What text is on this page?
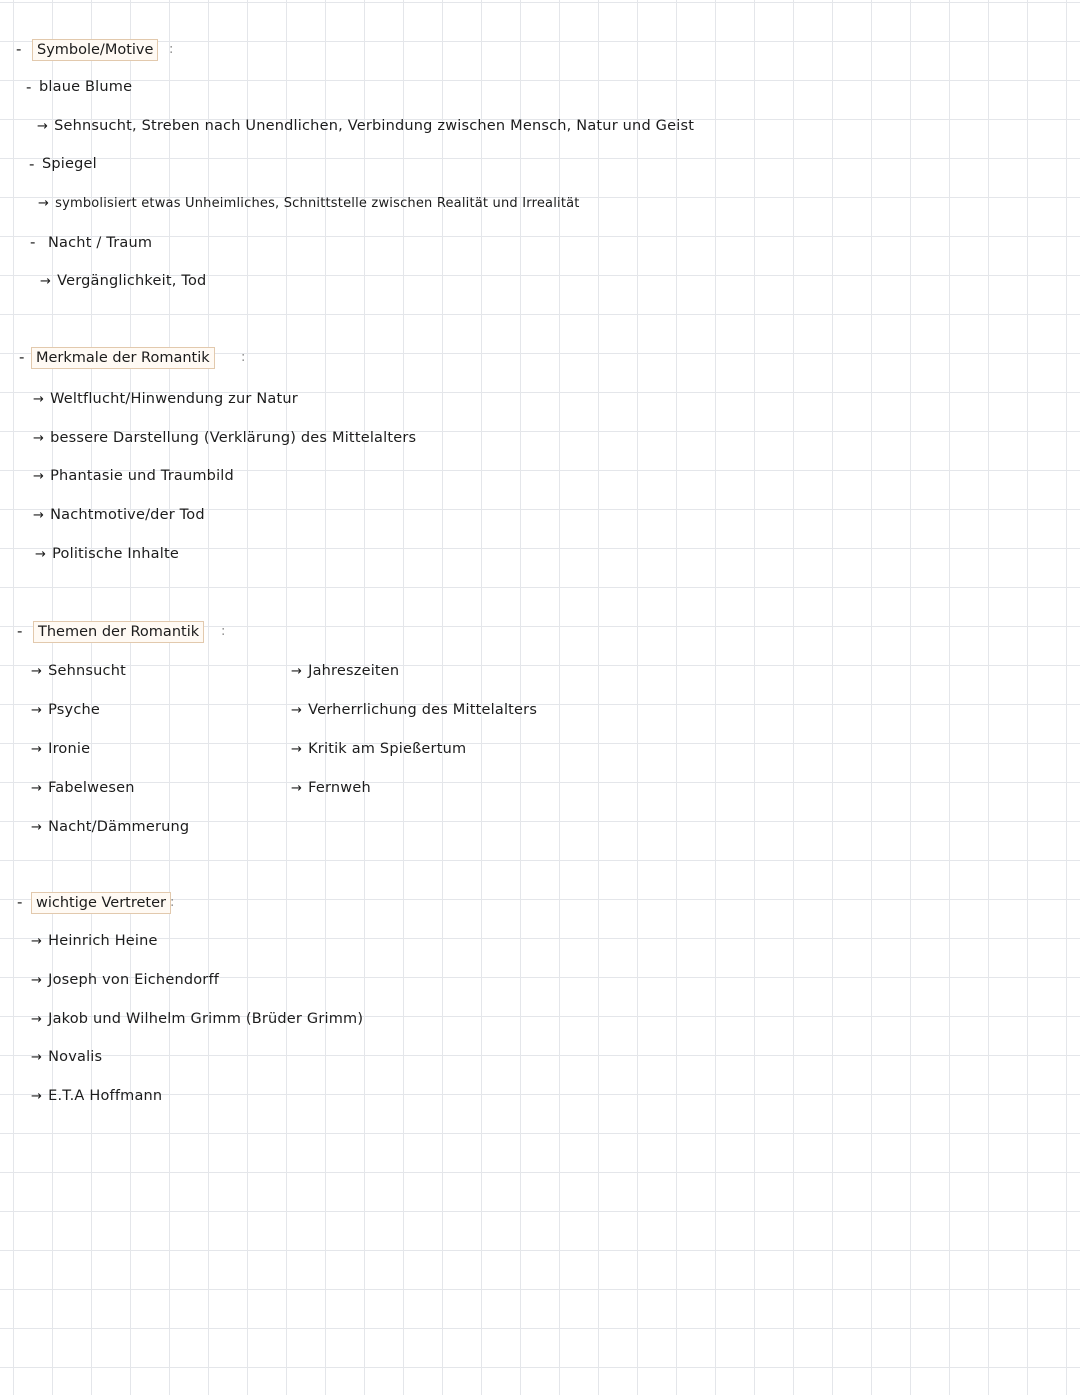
-	Symbole/Motive	:
- blaue Blume
→ Sehnsucht, Streben nach Unendlichen, Verbindung zwischen Mensch, Natur und Geist
- Spiegel
→ symbolisiert etwas Unheimliches, Schnittstelle zwischen Realität und Irrealität
- Nacht / Traum
→ Vergänglichkeit, Tod
- Merkmale der Romantik	:
→ Weltflucht/Hinwendung zur Natur
→ bessere Darstellung (Verklärung) des Mittelalters
→ Phantasie und Traumbild
→ Nachtmotive/der Tod
→ Politische Inhalte
-	Themen der Romantik	:
→ Sehnsucht
→ Psyche
→ Ironie
→ Fabelwesen
→ Nacht/Dämmerung
→ Jahreszeiten
→ Verherrlichung des Mittelalters
→ Kritik am Spießertum
→ Fernweh
- wichtige Vertreter :
→ Heinrich Heine
→ Joseph von Eichendorff
→ Jakob und Wilhelm Grimm (Brüder Grimm)
→ Novalis
→ E.T.A Hoffmann
